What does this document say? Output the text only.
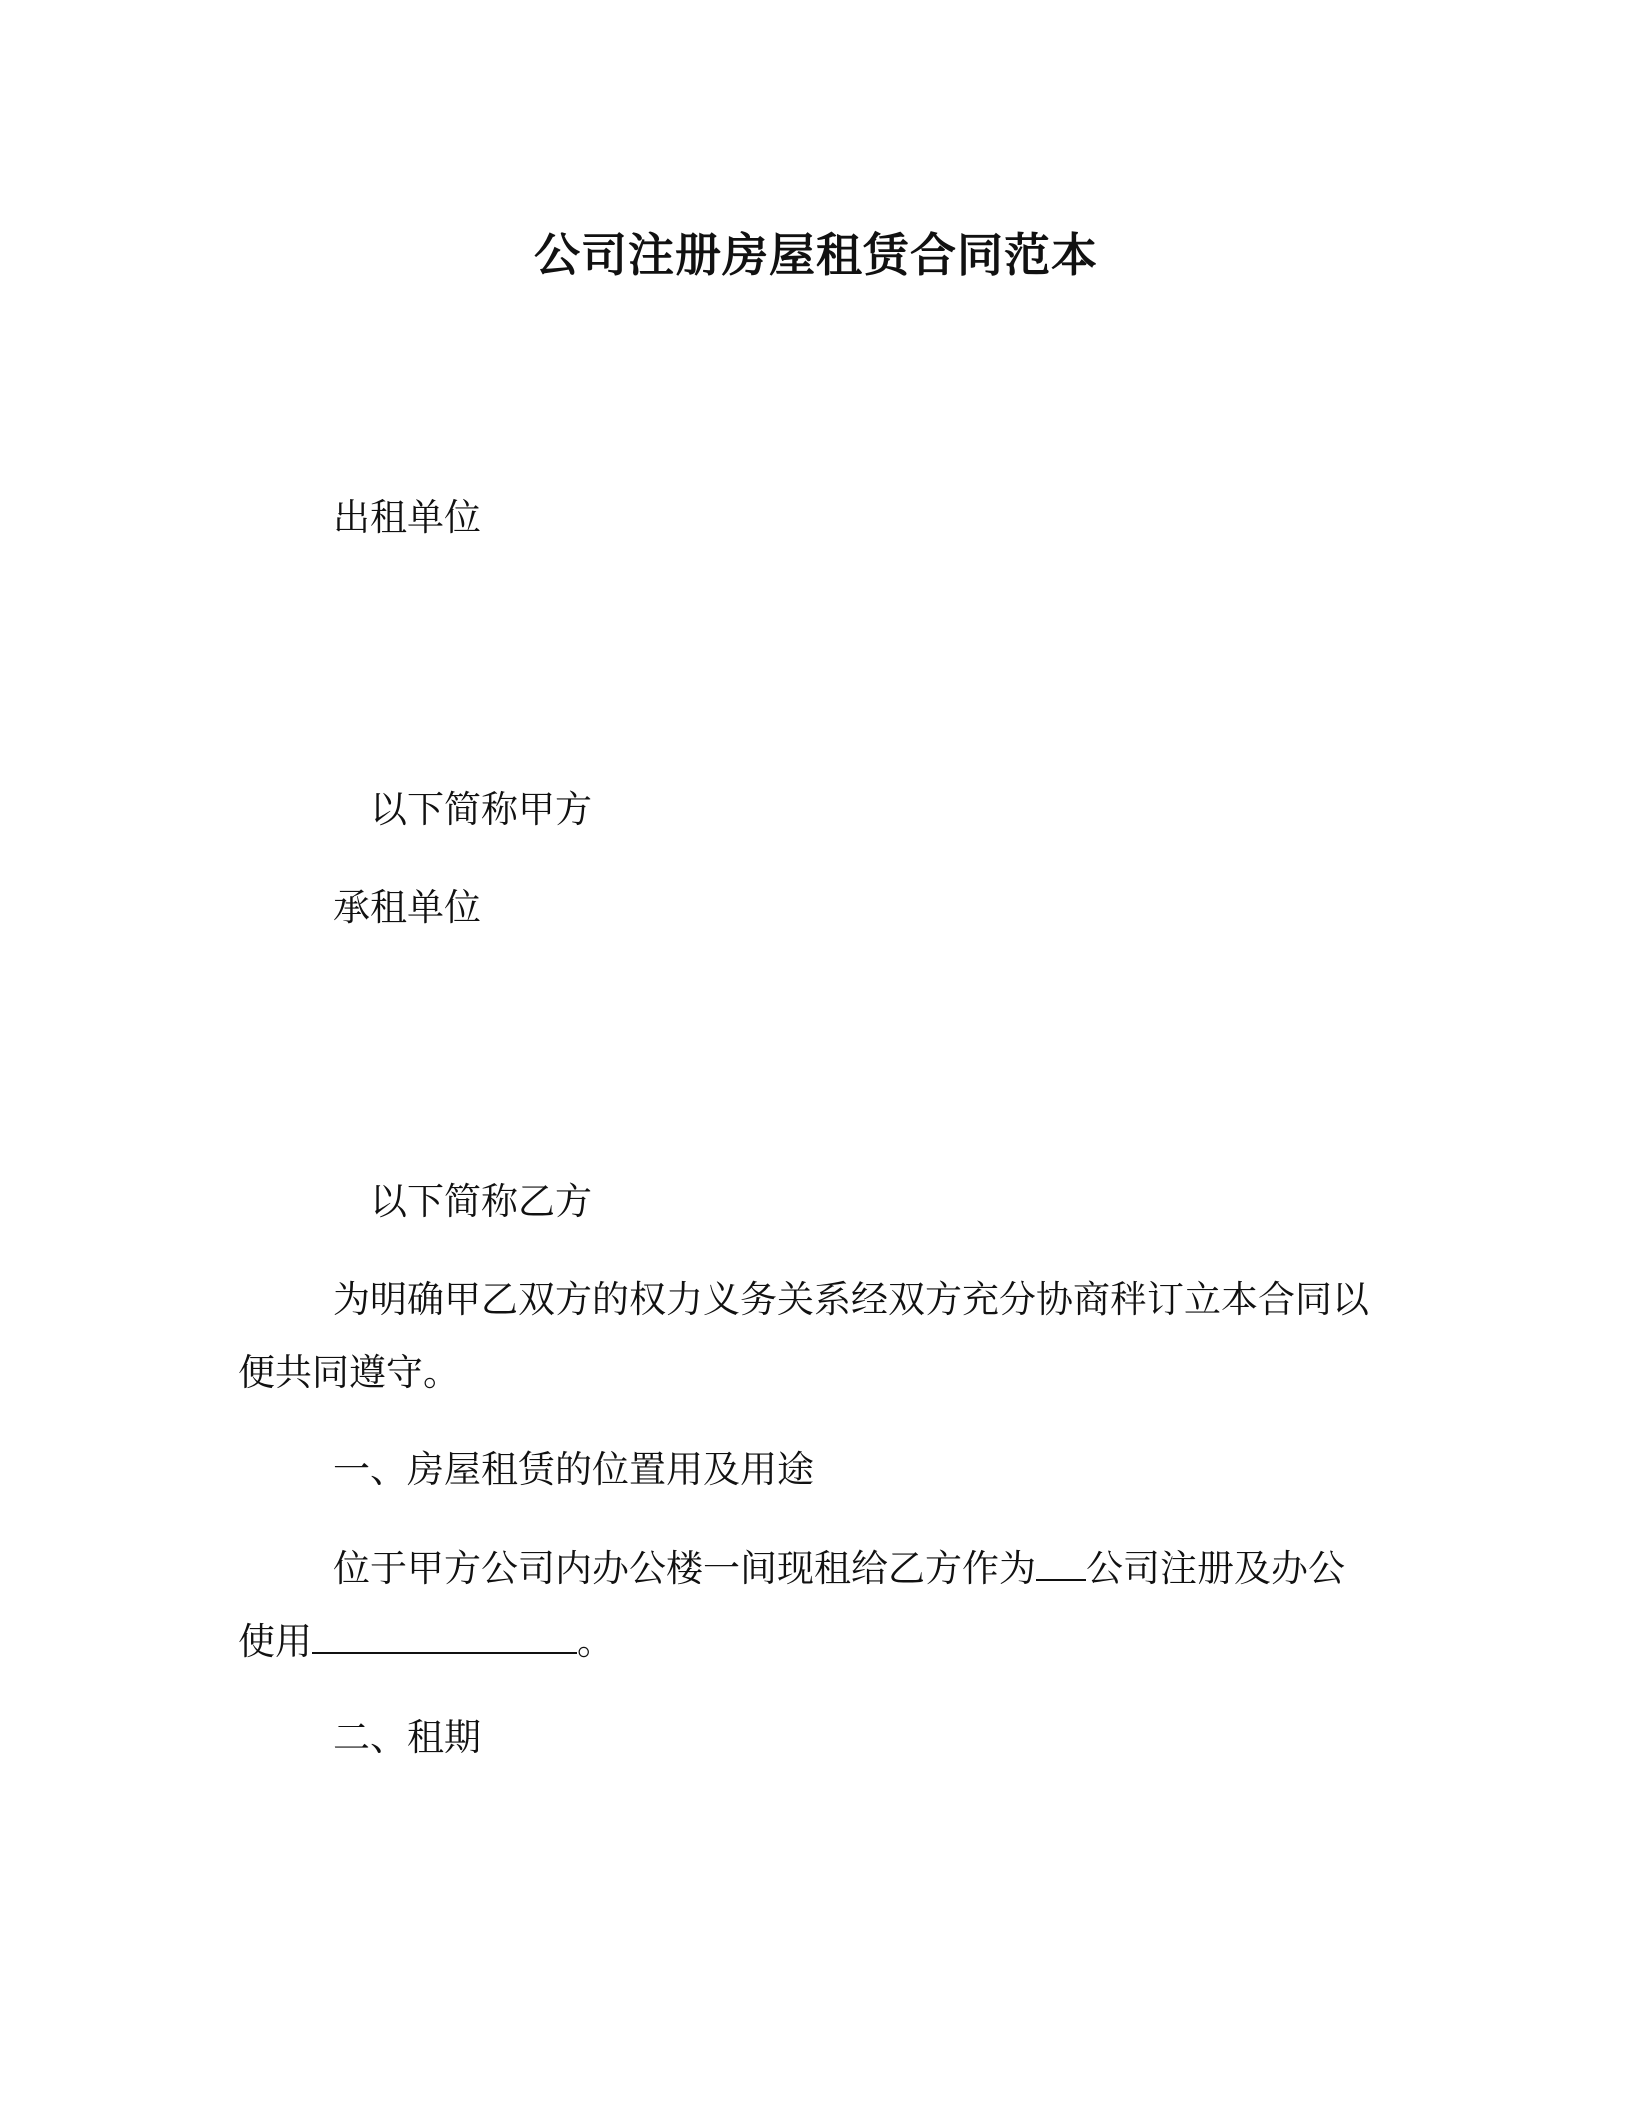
公司注册房屋租赁合同范本
出租单位
以下简称甲方
承租单位
以下简称乙方
为明确甲乙双方的权力义务关系经双方充分协商秚订立本合同以
便共同遵守。
一、房屋租赁的位置用及用途
位于甲方公司内办公楼一间现租给乙方作为 公司注册及办公
使用	。
二、租期
